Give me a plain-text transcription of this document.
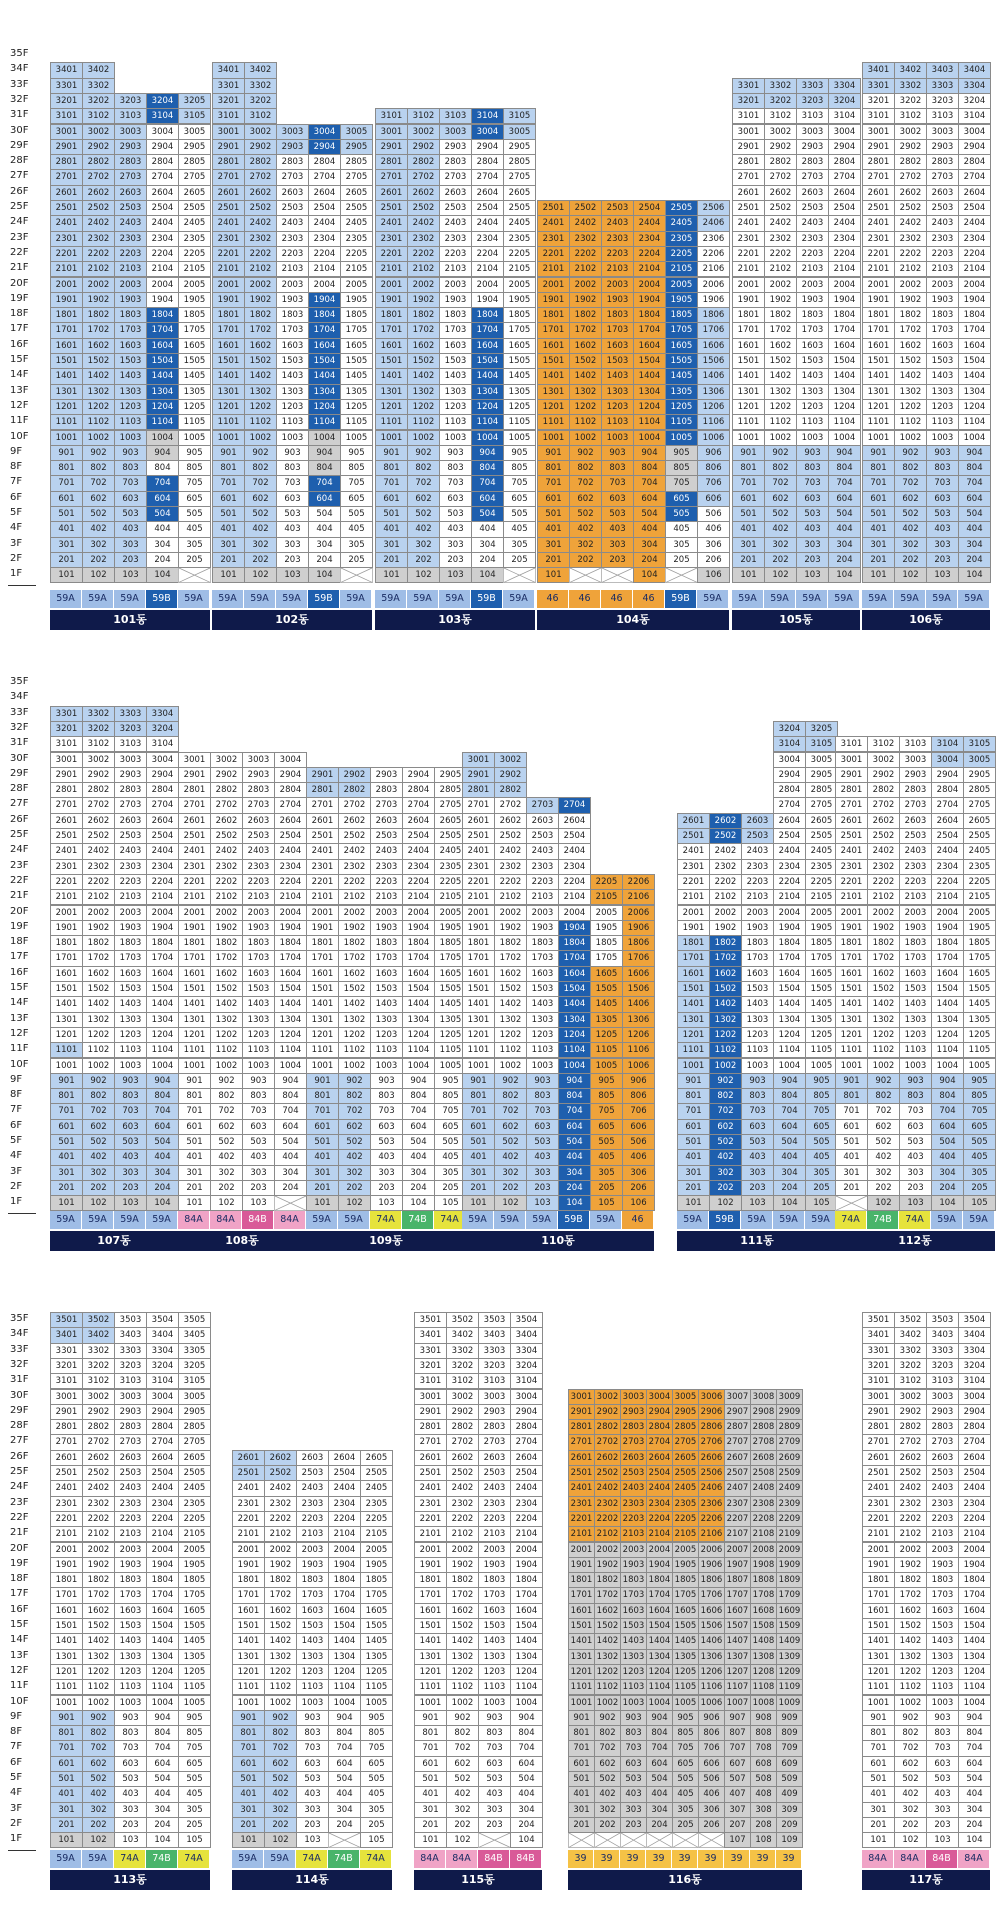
35F
34F
33F
32F
31F
30F
29F
28F
27F
26F
25F
24F
23F
22F
21F
20F
19F
18F
17F
16F
15F
14F
13F
12F
11F
10F
9F
8F
7F
6F
5F
4F
3F
2F
1F
35F
34F
33F
32F
31F
30F
29F
28F
27F
26F
25F
24F
23F
22F
21F
20F
19F
18F
17F
16F
15F
14F
13F
12F
11F
10F
9F
8F
7F
6F
5F
4F
3F
2F
1F
35F
34F
33F
32F
31F
30F
29F
28F
27F
26F
25F
24F
23F
22F
21F
20F
19F
18F
17F
16F
15F
14F
13F
12F
11F
10F
9F
8F
7F
6F
5F
4F
3F
2F
1F
101
201
301
401
501
601
701
801
901
1001
1101
1201
1301
1401
1501
1601
1701
1801
1901
2001
2101
2201
2301
2401
2501
2601
2701
2801
2901
3001
3101
3201
3301
3401
59A
102
202
302
402
502
602
702
802
902
1002
1102
1202
1302
1402
1502
1602
1702
1802
1902
2002
2102
2202
2302
2402
2502
2602
2702
2802
2902
3002
3102
3202
3302
3402
59A
103
203
303
403
503
603
703
803
903
1003
1103
1203
1303
1403
1503
1603
1703
1803
1903
2003
2103
2203
2303
2403
2503
2603
2703
2803
2903
3003
3103
3203
59A
104
204
304
404
504
604
704
804
904
1004
1104
1204
1304
1404
1504
1604
1704
1804
1904
2004
2104
2204
2304
2404
2504
2604
2704
2804
2904
3004
3104
3204
59B
205
305
405
505
605
705
805
905
1005
1105
1205
1305
1405
1505
1605
1705
1805
1905
2005
2105
2205
2305
2405
2505
2605
2705
2805
2905
3005
3105
3205
59A
101동
101
201
301
401
501
601
701
801
901
1001
1101
1201
1301
1401
1501
1601
1701
1801
1901
2001
2101
2201
2301
2401
2501
2601
2701
2801
2901
3001
3101
3201
3301
3401
59A
102
202
302
402
502
602
702
802
902
1002
1102
1202
1302
1402
1502
1602
1702
1802
1902
2002
2102
2202
2302
2402
2502
2602
2702
2802
2902
3002
3102
3202
3302
3402
59A
103
203
303
403
503
603
703
803
903
1003
1103
1203
1303
1403
1503
1603
1703
1803
1903
2003
2103
2203
2303
2403
2503
2603
2703
2803
2903
3003
59A
104
204
304
404
504
604
704
804
904
1004
1104
1204
1304
1404
1504
1604
1704
1804
1904
2004
2104
2204
2304
2404
2504
2604
2704
2804
2904
3004
59B
205
305
405
505
605
705
805
905
1005
1105
1205
1305
1405
1505
1605
1705
1805
1905
2005
2105
2205
2305
2405
2505
2605
2705
2805
2905
3005
59A
102동
101
201
301
401
501
601
701
801
901
1001
1101
1201
1301
1401
1501
1601
1701
1801
1901
2001
2101
2201
2301
2401
2501
2601
2701
2801
2901
3001
3101
59A
102
202
302
402
502
602
702
802
902
1002
1102
1202
1302
1402
1502
1602
1702
1802
1902
2002
2102
2202
2302
2402
2502
2602
2702
2802
2902
3002
3102
59A
103
203
303
403
503
603
703
803
903
1003
1103
1203
1303
1403
1503
1603
1703
1803
1903
2003
2103
2203
2303
2403
2503
2603
2703
2803
2903
3003
3103
59A
104
204
304
404
504
604
704
804
904
1004
1104
1204
1304
1404
1504
1604
1704
1804
1904
2004
2104
2204
2304
2404
2504
2604
2704
2804
2904
3004
3104
59B
205
305
405
505
605
705
805
905
1005
1105
1205
1305
1405
1505
1605
1705
1805
1905
2005
2105
2205
2305
2405
2505
2605
2705
2805
2905
3005
3105
59A
103동
101
201
301
401
501
601
701
801
901
1001
1101
1201
1301
1401
1501
1601
1701
1801
1901
2001
2101
2201
2301
2401
2501
46
202
302
402
502
602
702
802
902
1002
1102
1202
1302
1402
1502
1602
1702
1802
1902
2002
2102
2202
2302
2402
2502
46
203
303
403
503
603
703
803
903
1003
1103
1203
1303
1403
1503
1603
1703
1803
1903
2003
2103
2203
2303
2403
2503
46
104
204
304
404
504
604
704
804
904
1004
1104
1204
1304
1404
1504
1604
1704
1804
1904
2004
2104
2204
2304
2404
2504
46
205
305
405
505
605
705
805
905
1005
1105
1205
1305
1405
1505
1605
1705
1805
1905
2005
2105
2205
2305
2405
2505
59B
106
206
306
406
506
606
706
806
906
1006
1106
1206
1306
1406
1506
1606
1706
1806
1906
2006
2106
2206
2306
2406
2506
59A
104동
101
201
301
401
501
601
701
801
901
1001
1101
1201
1301
1401
1501
1601
1701
1801
1901
2001
2101
2201
2301
2401
2501
2601
2701
2801
2901
3001
3101
3201
3301
59A
102
202
302
402
502
602
702
802
902
1002
1102
1202
1302
1402
1502
1602
1702
1802
1902
2002
2102
2202
2302
2402
2502
2602
2702
2802
2902
3002
3102
3202
3302
59A
103
203
303
403
503
603
703
803
903
1003
1103
1203
1303
1403
1503
1603
1703
1803
1903
2003
2103
2203
2303
2403
2503
2603
2703
2803
2903
3003
3103
3203
3303
59A
104
204
304
404
504
604
704
804
904
1004
1104
1204
1304
1404
1504
1604
1704
1804
1904
2004
2104
2204
2304
2404
2504
2604
2704
2804
2904
3004
3104
3204
3304
59A
105동
101
201
301
401
501
601
701
801
901
1001
1101
1201
1301
1401
1501
1601
1701
1801
1901
2001
2101
2201
2301
2401
2501
2601
2701
2801
2901
3001
3101
3201
3301
3401
59A
102
202
302
402
502
602
702
802
902
1002
1102
1202
1302
1402
1502
1602
1702
1802
1902
2002
2102
2202
2302
2402
2502
2602
2702
2802
2902
3002
3102
3202
3302
3402
59A
103
203
303
403
503
603
703
803
903
1003
1103
1203
1303
1403
1503
1603
1703
1803
1903
2003
2103
2203
2303
2403
2503
2603
2703
2803
2903
3003
3103
3203
3303
3403
59A
104
204
304
404
504
604
704
804
904
1004
1104
1204
1304
1404
1504
1604
1704
1804
1904
2004
2104
2204
2304
2404
2504
2604
2704
2804
2904
3004
3104
3204
3304
3404
59A
106동
101
201
301
401
501
601
701
801
901
1001
1101
1201
1301
1401
1501
1601
1701
1801
1901
2001
2101
2201
2301
2401
2501
2601
2701
2801
2901
3001
3101
3201
3301
59A
102
202
302
402
502
602
702
802
902
1002
1102
1202
1302
1402
1502
1602
1702
1802
1902
2002
2102
2202
2302
2402
2502
2602
2702
2802
2902
3002
3102
3202
3302
59A
103
203
303
403
503
603
703
803
903
1003
1103
1203
1303
1403
1503
1603
1703
1803
1903
2003
2103
2203
2303
2403
2503
2603
2703
2803
2903
3003
3103
3203
3303
59A
104
204
304
404
504
604
704
804
904
1004
1104
1204
1304
1404
1504
1604
1704
1804
1904
2004
2104
2204
2304
2404
2504
2604
2704
2804
2904
3004
3104
3204
3304
59A
107동
101
201
301
401
501
601
701
801
901
1001
1101
1201
1301
1401
1501
1601
1701
1801
1901
2001
2101
2201
2301
2401
2501
2601
2701
2801
2901
3001
84A
102
202
302
402
502
602
702
802
902
1002
1102
1202
1302
1402
1502
1602
1702
1802
1902
2002
2102
2202
2302
2402
2502
2602
2702
2802
2902
3002
84A
103
203
303
403
503
603
703
803
903
1003
1103
1203
1303
1403
1503
1603
1703
1803
1903
2003
2103
2203
2303
2403
2503
2603
2703
2803
2903
3003
84B
204
304
404
504
604
704
804
904
1004
1104
1204
1304
1404
1504
1604
1704
1804
1904
2004
2104
2204
2304
2404
2504
2604
2704
2804
2904
3004
84A
108동
101
201
301
401
501
601
701
801
901
1001
1101
1201
1301
1401
1501
1601
1701
1801
1901
2001
2101
2201
2301
2401
2501
2601
2701
2801
2901
59A
102
202
302
402
502
602
702
802
902
1002
1102
1202
1302
1402
1502
1602
1702
1802
1902
2002
2102
2202
2302
2402
2502
2602
2702
2802
2902
59A
103
203
303
403
503
603
703
803
903
1003
1103
1203
1303
1403
1503
1603
1703
1803
1903
2003
2103
2203
2303
2403
2503
2603
2703
2803
2903
74A
104
204
304
404
504
604
704
804
904
1004
1104
1204
1304
1404
1504
1604
1704
1804
1904
2004
2104
2204
2304
2404
2504
2604
2704
2804
2904
74B
105
205
305
405
505
605
705
805
905
1005
1105
1205
1305
1405
1505
1605
1705
1805
1905
2005
2105
2205
2305
2405
2505
2605
2705
2805
2905
74A
109동
101
201
301
401
501
601
701
801
901
1001
1101
1201
1301
1401
1501
1601
1701
1801
1901
2001
2101
2201
2301
2401
2501
2601
2701
2801
2901
3001
59A
102
202
302
402
502
602
702
802
902
1002
1102
1202
1302
1402
1502
1602
1702
1802
1902
2002
2102
2202
2302
2402
2502
2602
2702
2802
2902
3002
59A
103
203
303
403
503
603
703
803
903
1003
1103
1203
1303
1403
1503
1603
1703
1803
1903
2003
2103
2203
2303
2403
2503
2603
2703
59A
104
204
304
404
504
604
704
804
904
1004
1104
1204
1304
1404
1504
1604
1704
1804
1904
2004
2104
2204
2304
2404
2504
2604
2704
59B
105
205
305
405
505
605
705
805
905
1005
1105
1205
1305
1405
1505
1605
1705
1805
1905
2005
2105
2205
59A
106
206
306
406
506
606
706
806
906
1006
1106
1206
1306
1406
1506
1606
1706
1806
1906
2006
2106
2206
46
110동
101
201
301
401
501
601
701
801
901
1001
1101
1201
1301
1401
1501
1601
1701
1801
1901
2001
2101
2201
2301
2401
2501
2601
59A
102
202
302
402
502
602
702
802
902
1002
1102
1202
1302
1402
1502
1602
1702
1802
1902
2002
2102
2202
2302
2402
2502
2602
59B
103
203
303
403
503
603
703
803
903
1003
1103
1203
1303
1403
1503
1603
1703
1803
1903
2003
2103
2203
2303
2403
2503
2603
59A
104
204
304
404
504
604
704
804
904
1004
1104
1204
1304
1404
1504
1604
1704
1804
1904
2004
2104
2204
2304
2404
2504
2604
2704
2804
2904
3004
3104
3204
59A
105
205
305
405
505
605
705
805
905
1005
1105
1205
1305
1405
1505
1605
1705
1805
1905
2005
2105
2205
2305
2405
2505
2605
2705
2805
2905
3005
3105
3205
59A
111동
201
301
401
501
601
701
801
901
1001
1101
1201
1301
1401
1501
1601
1701
1801
1901
2001
2101
2201
2301
2401
2501
2601
2701
2801
2901
3001
3101
74A
102
202
302
402
502
602
702
802
902
1002
1102
1202
1302
1402
1502
1602
1702
1802
1902
2002
2102
2202
2302
2402
2502
2602
2702
2802
2902
3002
3102
74B
103
203
303
403
503
603
703
803
903
1003
1103
1203
1303
1403
1503
1603
1703
1803
1903
2003
2103
2203
2303
2403
2503
2603
2703
2803
2903
3003
3103
74A
104
204
304
404
504
604
704
804
904
1004
1104
1204
1304
1404
1504
1604
1704
1804
1904
2004
2104
2204
2304
2404
2504
2604
2704
2804
2904
3004
3104
59A
105
205
305
405
505
605
705
805
905
1005
1105
1205
1305
1405
1505
1605
1705
1805
1905
2005
2105
2205
2305
2405
2505
2605
2705
2805
2905
3005
3105
59A
112동
101
201
301
401
501
601
701
801
901
1001
1101
1201
1301
1401
1501
1601
1701
1801
1901
2001
2101
2201
2301
2401
2501
2601
2701
2801
2901
3001
3101
3201
3301
3401
3501
59A
102
202
302
402
502
602
702
802
902
1002
1102
1202
1302
1402
1502
1602
1702
1802
1902
2002
2102
2202
2302
2402
2502
2602
2702
2802
2902
3002
3102
3202
3302
3402
3502
59A
103
203
303
403
503
603
703
803
903
1003
1103
1203
1303
1403
1503
1603
1703
1803
1903
2003
2103
2203
2303
2403
2503
2603
2703
2803
2903
3003
3103
3203
3303
3403
3503
74A
104
204
304
404
504
604
704
804
904
1004
1104
1204
1304
1404
1504
1604
1704
1804
1904
2004
2104
2204
2304
2404
2504
2604
2704
2804
2904
3004
3104
3204
3304
3404
3504
74B
105
205
305
405
505
605
705
805
905
1005
1105
1205
1305
1405
1505
1605
1705
1805
1905
2005
2105
2205
2305
2405
2505
2605
2705
2805
2905
3005
3105
3205
3305
3405
3505
74A
113동
101
201
301
401
501
601
701
801
901
1001
1101
1201
1301
1401
1501
1601
1701
1801
1901
2001
2101
2201
2301
2401
2501
2601
59A
102
202
302
402
502
602
702
802
902
1002
1102
1202
1302
1402
1502
1602
1702
1802
1902
2002
2102
2202
2302
2402
2502
2602
59A
103
203
303
403
503
603
703
803
903
1003
1103
1203
1303
1403
1503
1603
1703
1803
1903
2003
2103
2203
2303
2403
2503
2603
74A
204
304
404
504
604
704
804
904
1004
1104
1204
1304
1404
1504
1604
1704
1804
1904
2004
2104
2204
2304
2404
2504
2604
74B
105
205
305
405
505
605
705
805
905
1005
1105
1205
1305
1405
1505
1605
1705
1805
1905
2005
2105
2205
2305
2405
2505
2605
74A
114동
101
201
301
401
501
601
701
801
901
1001
1101
1201
1301
1401
1501
1601
1701
1801
1901
2001
2101
2201
2301
2401
2501
2601
2701
2801
2901
3001
3101
3201
3301
3401
3501
84A
102
202
302
402
502
602
702
802
902
1002
1102
1202
1302
1402
1502
1602
1702
1802
1902
2002
2102
2202
2302
2402
2502
2602
2702
2802
2902
3002
3102
3202
3302
3402
3502
84A
203
303
403
503
603
703
803
903
1003
1103
1203
1303
1403
1503
1603
1703
1803
1903
2003
2103
2203
2303
2403
2503
2603
2703
2803
2903
3003
3103
3203
3303
3403
3503
84B
104
204
304
404
504
604
704
804
904
1004
1104
1204
1304
1404
1504
1604
1704
1804
1904
2004
2104
2204
2304
2404
2504
2604
2704
2804
2904
3004
3104
3204
3304
3404
3504
84B
115동
201
301
401
501
601
701
801
901
1001
1101
1201
1301
1401
1501
1601
1701
1801
1901
2001
2101
2201
2301
2401
2501
2601
2701
2801
2901
3001
39
202
302
402
502
602
702
802
902
1002
1102
1202
1302
1402
1502
1602
1702
1802
1902
2002
2102
2202
2302
2402
2502
2602
2702
2802
2902
3002
39
203
303
403
503
603
703
803
903
1003
1103
1203
1303
1403
1503
1603
1703
1803
1903
2003
2103
2203
2303
2403
2503
2603
2703
2803
2903
3003
39
204
304
404
504
604
704
804
904
1004
1104
1204
1304
1404
1504
1604
1704
1804
1904
2004
2104
2204
2304
2404
2504
2604
2704
2804
2904
3004
39
205
305
405
505
605
705
805
905
1005
1105
1205
1305
1405
1505
1605
1705
1805
1905
2005
2105
2205
2305
2405
2505
2605
2705
2805
2905
3005
39
206
306
406
506
606
706
806
906
1006
1106
1206
1306
1406
1506
1606
1706
1806
1906
2006
2106
2206
2306
2406
2506
2606
2706
2806
2906
3006
39
107
207
307
407
507
607
707
807
907
1007
1107
1207
1307
1407
1507
1607
1707
1807
1907
2007
2107
2207
2307
2407
2507
2607
2707
2807
2907
3007
39
108
208
308
408
508
608
708
808
908
1008
1108
1208
1308
1408
1508
1608
1708
1808
1908
2008
2108
2208
2308
2408
2508
2608
2708
2808
2908
3008
39
109
209
309
409
509
609
709
809
909
1009
1109
1209
1309
1409
1509
1609
1709
1809
1909
2009
2109
2209
2309
2409
2509
2609
2709
2809
2909
3009
39
116동
101
201
301
401
501
601
701
801
901
1001
1101
1201
1301
1401
1501
1601
1701
1801
1901
2001
2101
2201
2301
2401
2501
2601
2701
2801
2901
3001
3101
3201
3301
3401
3501
84A
102
202
302
402
502
602
702
802
902
1002
1102
1202
1302
1402
1502
1602
1702
1802
1902
2002
2102
2202
2302
2402
2502
2602
2702
2802
2902
3002
3102
3202
3302
3402
3502
84A
103
203
303
403
503
603
703
803
903
1003
1103
1203
1303
1403
1503
1603
1703
1803
1903
2003
2103
2203
2303
2403
2503
2603
2703
2803
2903
3003
3103
3203
3303
3403
3503
84B
104
204
304
404
504
604
704
804
904
1004
1104
1204
1304
1404
1504
1604
1704
1804
1904
2004
2104
2204
2304
2404
2504
2604
2704
2804
2904
3004
3104
3204
3304
3404
3504
84A
117동
